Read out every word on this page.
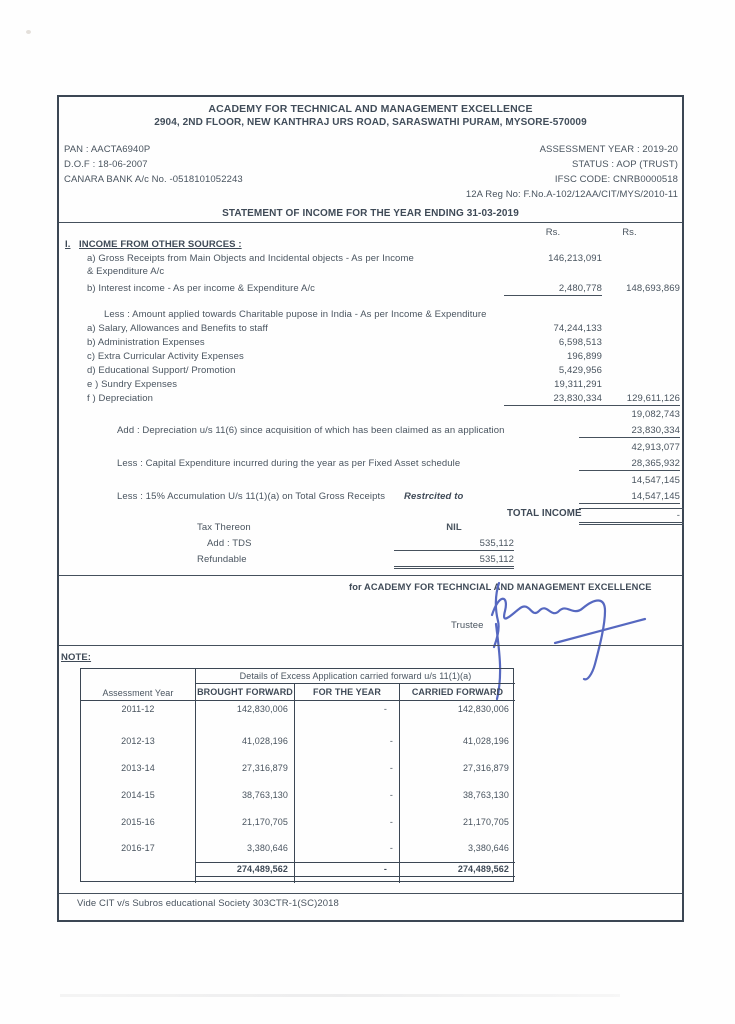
ACADEMY FOR TECHNICAL AND MANAGEMENT EXCELLENCE
2904, 2ND FLOOR, NEW KANTHRAJ URS ROAD, SARASWATHI PURAM, MYSORE-570009
PAN : AACTA6940P
D.O.F : 18-06-2007
CANARA BANK A/c No. -0518101052243
ASSESSMENT YEAR : 2019-20
STATUS : AOP (TRUST)
IFSC CODE: CNRB0000518
12A Reg No: F.No.A-102/12AA/CIT/MYS/2010-11
STATEMENT OF INCOME FOR THE YEAR ENDING 31-03-2019
Rs.	Rs.
I. INCOME FROM OTHER SOURCES :
a) Gross Receipts from Main Objects and Incidental objects - As per Income	146,213,091
& Expenditure A/c
b) Interest income - As per income & Expenditure A/c	2,480,778	148,693,869
Less : Amount applied towards Charitable pupose in India - As per Income & Expenditure
a) Salary, Allowances and Benefits to staff	74,244,133
b) Administration Expenses	6,598,513
c) Extra Curricular Activity Expenses	196,899
d) Educational Support/ Promotion	5,429,956
e ) Sundry Expenses	19,311,291
f ) Depreciation	23,830,334	129,611,126
19,082,743
Add : Depreciation u/s 11(6) since acquisition of which has been claimed as an application	23,830,334
42,913,077
Less : Capital Expenditure incurred during the year as per Fixed Asset schedule	28,365,932
14,547,145
Less : 15% Accumulation U/s 11(1)(a) on Total Gross Receipts Restrcited to	14,547,145
TOTAL INCOME	-
Tax Thereon	NIL
Add : TDS	535,112
Refundable	535,112
for ACADEMY FOR TECHNCIAL AND MANAGEMENT EXCELLENCE
Trustee
NOTE:
Assessment Year
Details of Excess Application carried forward u/s 11(1)(a)
BROUGHT FORWARD	FOR THE YEAR	CARRIED FORWARD
2011-12	142,830,006	-	142,830,006
2012-13	41,028,196	-	41,028,196
2013-14	27,316,879	-	27,316,879
2014-15	38,763,130	-	38,763,130
2015-16	21,170,705	-	21,170,705
2016-17	3,380,646	-	3,380,646
274,489,562	-	274,489,562
Vide CIT v/s Subros educational Society 303CTR-1(SC)2018
